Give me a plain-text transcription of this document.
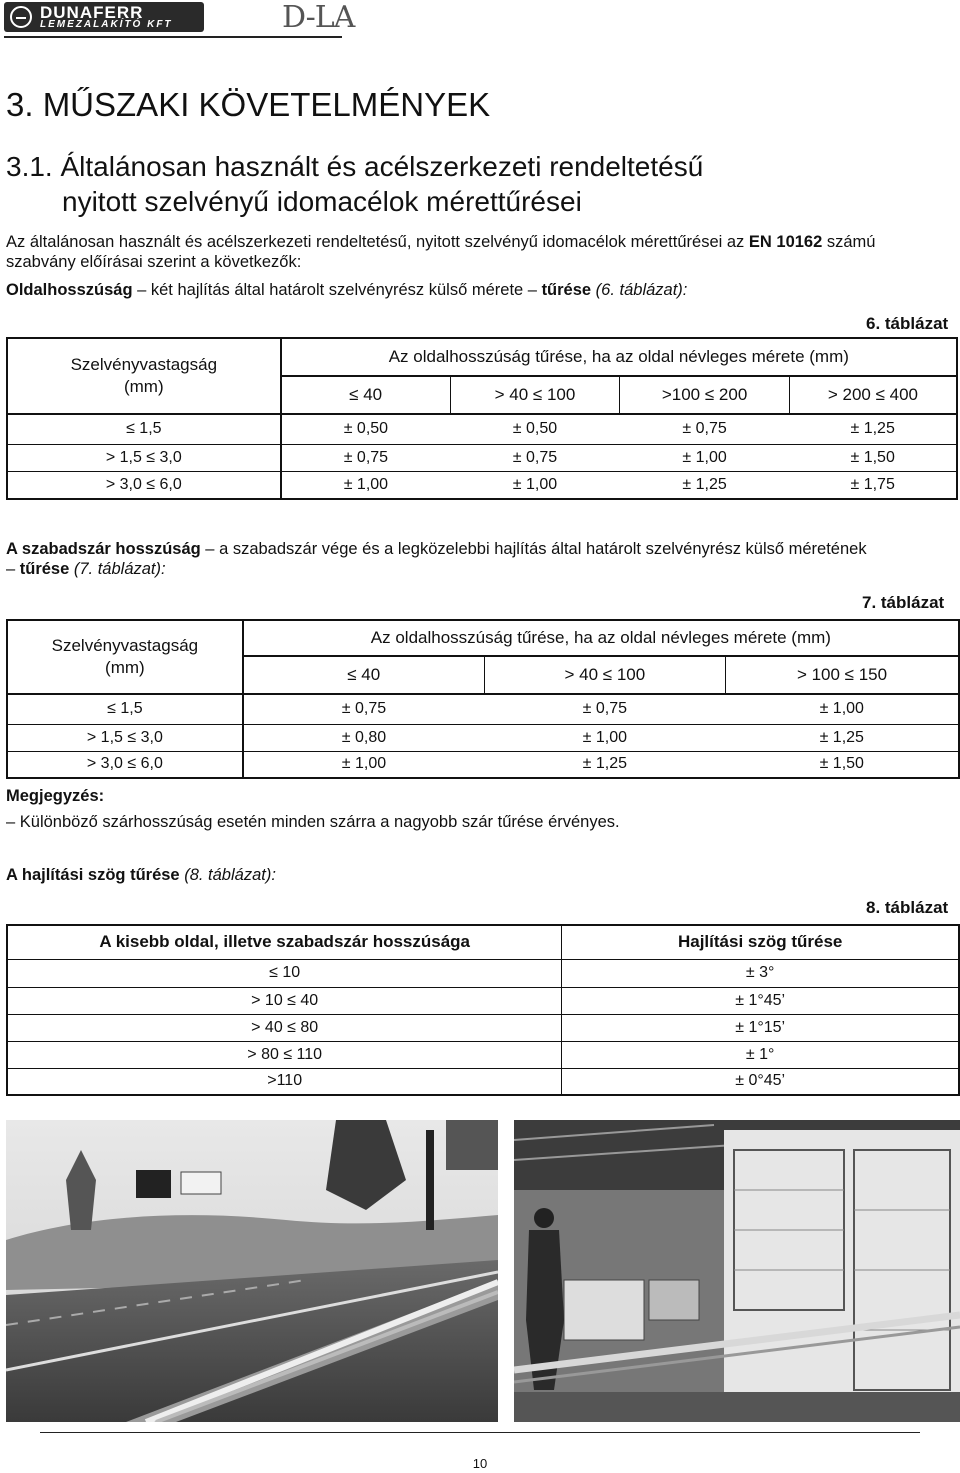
DUNAFERR
LEMEZALAKÍTÓ KFT	D-LA
3. MŰSZAKI KÖVETELMÉNYEK
3.1. Általánosan használt és acélszerkezeti rendeltetésű
nyitott szelvényű idomacélok mérettűrései
Az általánosan használt és acélszerkezeti rendeltetésű, nyitott szelvényű idomacélok mérettűrései az EN 10162 számú
szabvány előírásai szerint a következők:
Oldalhosszúság – két hajlítás által határolt szelvényrész külső mérete – tűrése (6. táblázat):
6. táblázat
Szelvényvastagság
(mm)	Az oldalhosszúság tűrése, ha az oldal névleges mérete (mm)			
	≤ 40	> 40 ≤ 100	>100 ≤ 200	> 200 ≤ 400
≤ 1,5	± 0,50	± 0,50	± 0,75	± 1,25
> 1,5 ≤ 3,0	± 0,75	± 0,75	± 1,00	± 1,50
> 3,0 ≤ 6,0	± 1,00	± 1,00	± 1,25	± 1,75
A szabadszár hosszúság – a szabadszár vége és a legközelebbi hajlítás által határolt szelvényrész külső méretének
– tűrése (7. táblázat):
7. táblázat
Szelvényvastagság
(mm)	Az oldalhosszúság tűrése, ha az oldal névleges mérete (mm)		
	≤ 40	> 40 ≤ 100	> 100 ≤ 150
≤ 1,5	± 0,75	± 0,75	± 1,00
> 1,5 ≤ 3,0	± 0,80	± 1,00	± 1,25
> 3,0 ≤ 6,0	± 1,00	± 1,25	± 1,50
Megjegyzés:
– Különböző szárhosszúság esetén minden szárra a nagyobb szár tűrése érvényes.
A hajlítási szög tűrése (8. táblázat):
8. táblázat
A kisebb oldal, illetve szabadszár hosszúsága	Hajlítási szög tűrése
≤ 10	± 3°
> 10 ≤ 40	± 1°45’
> 40 ≤ 80	± 1°15’
> 80 ≤ 110	± 1°
>110	± 0°45’
10
